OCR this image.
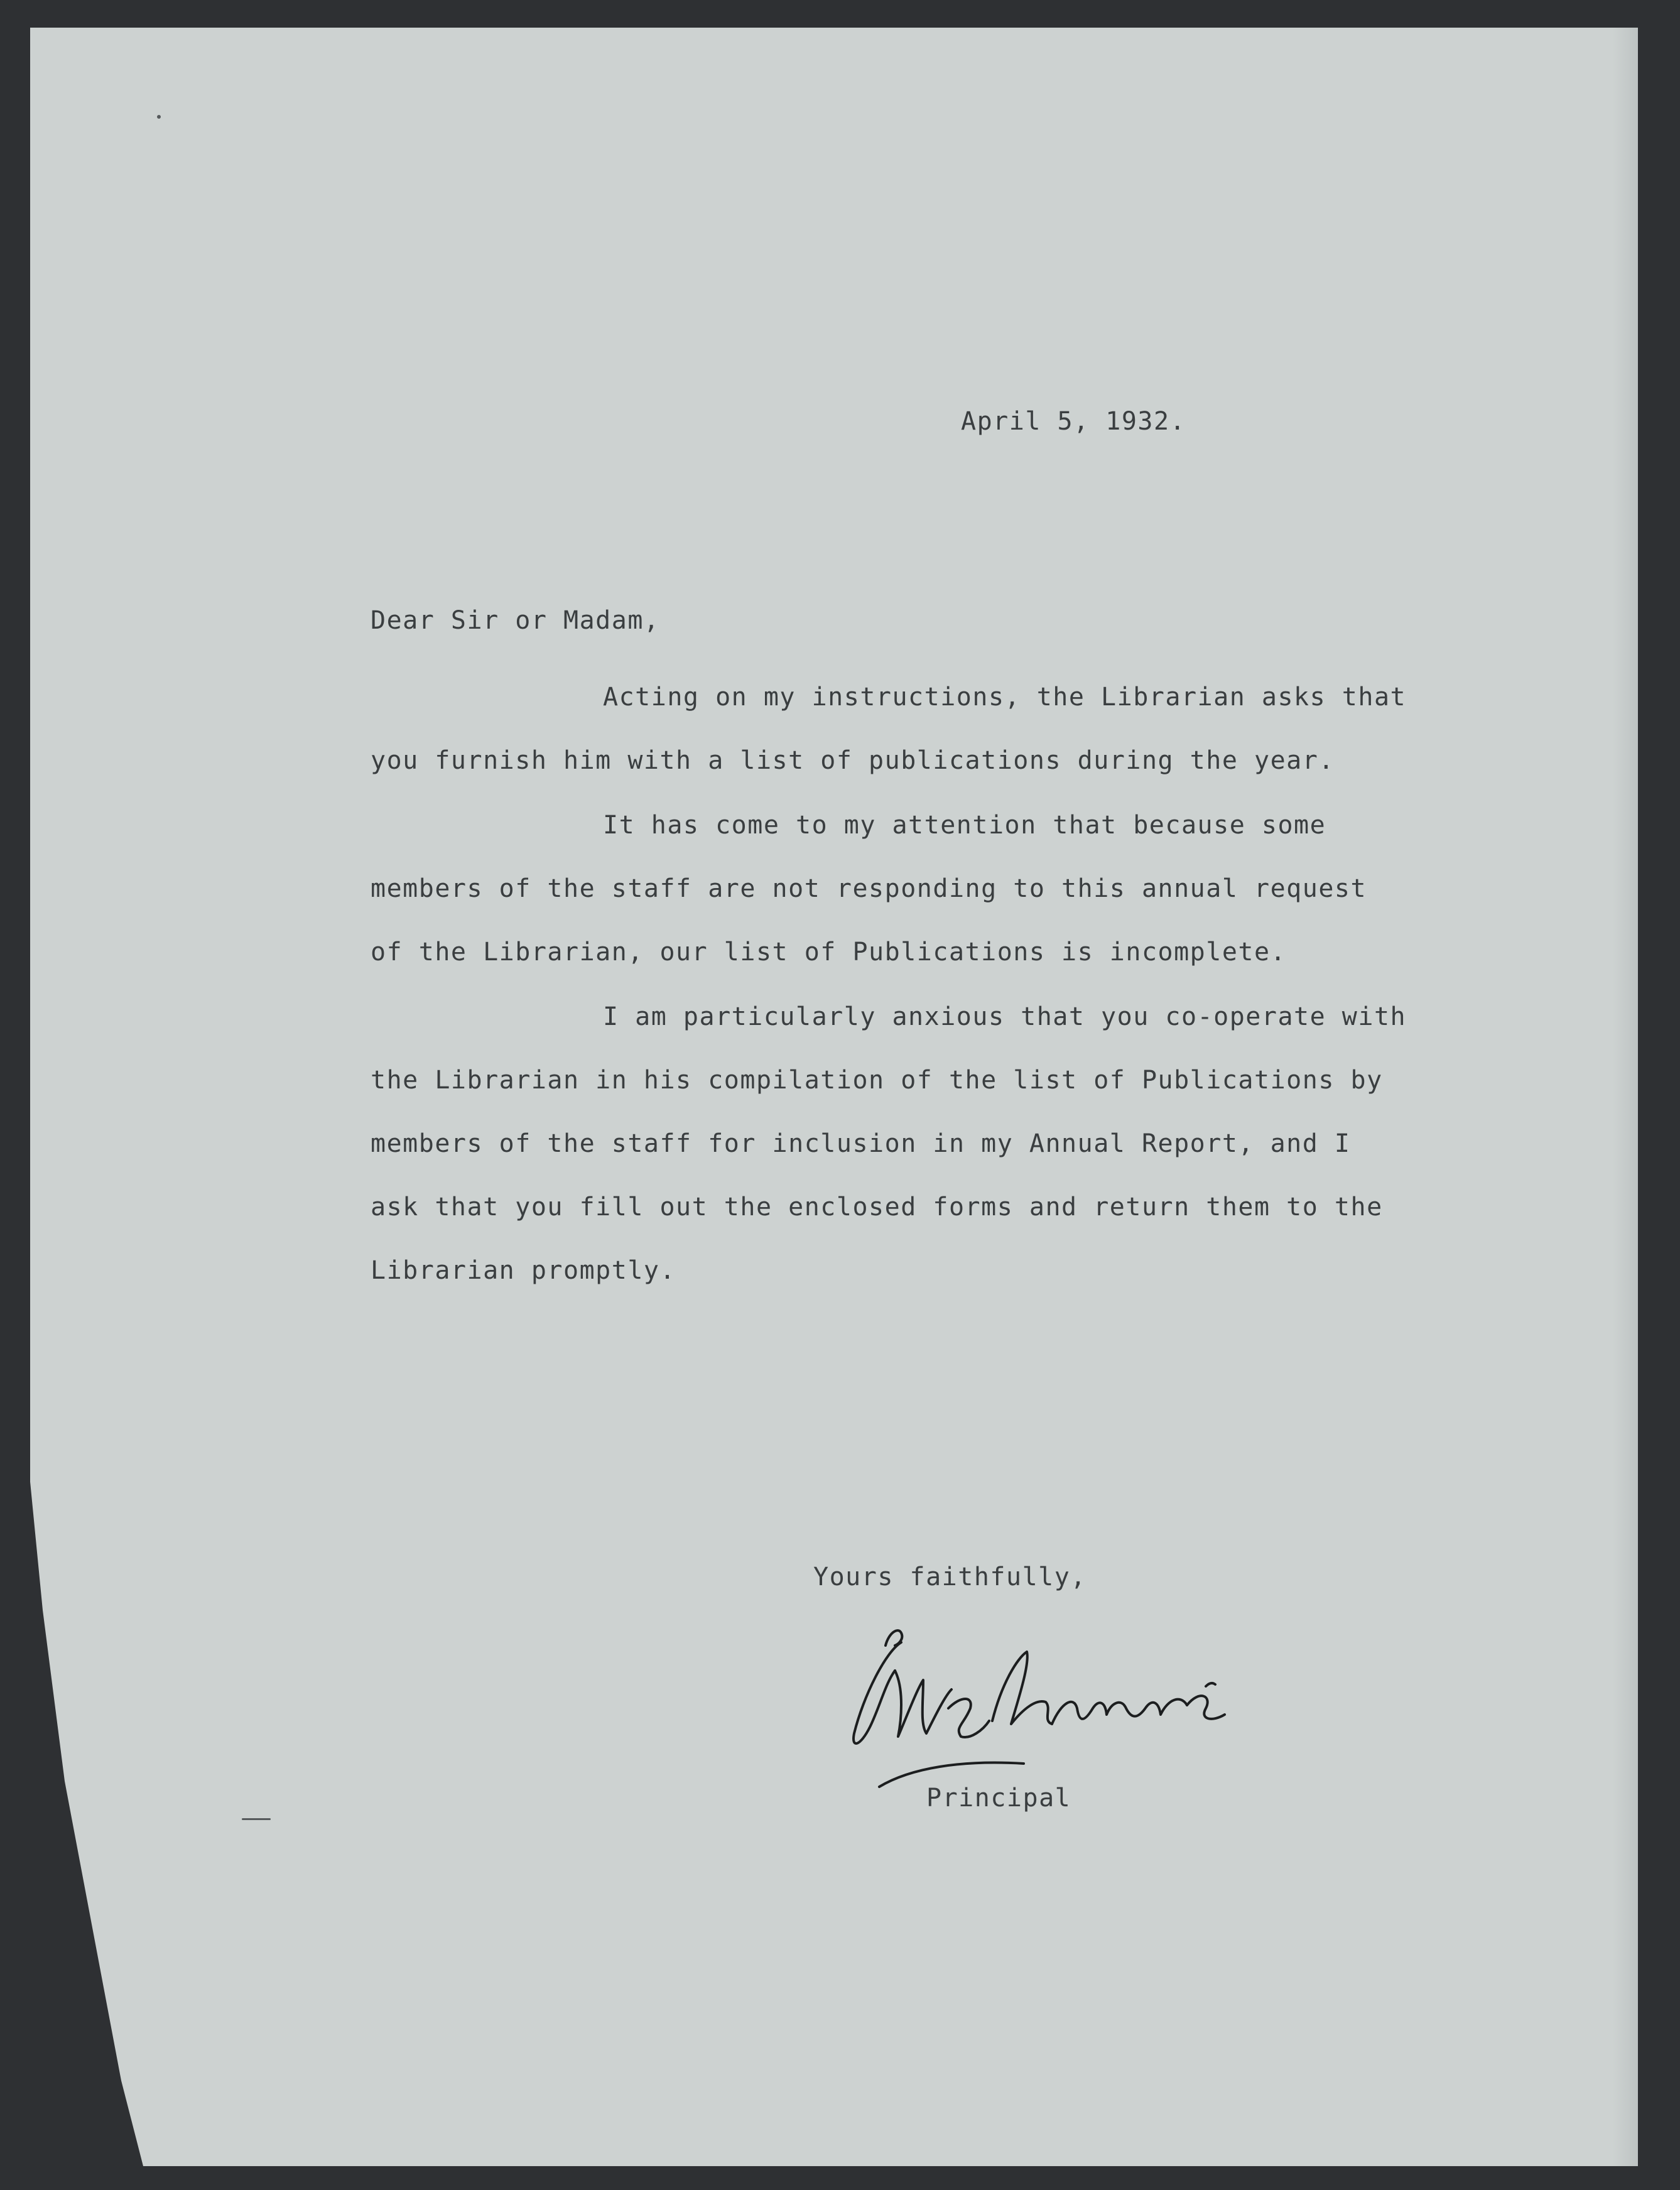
April 5, 1932.
Dear Sir or Madam,

Acting on my instructions, the Librarian asks that you furnish him with a list of publications during the year.

It has come to my attention that because some members of the staff are not responding to this annual request of the Librarian, our list of Publications is incomplete.

I am particularly anxious that you co-operate with the Librarian in his compilation of the list of Publications by members of the staff for inclusion in my Annual Report, and I ask that you fill out the enclosed forms and return them to the Librarian promptly.

Yours faithfully,
Principal
